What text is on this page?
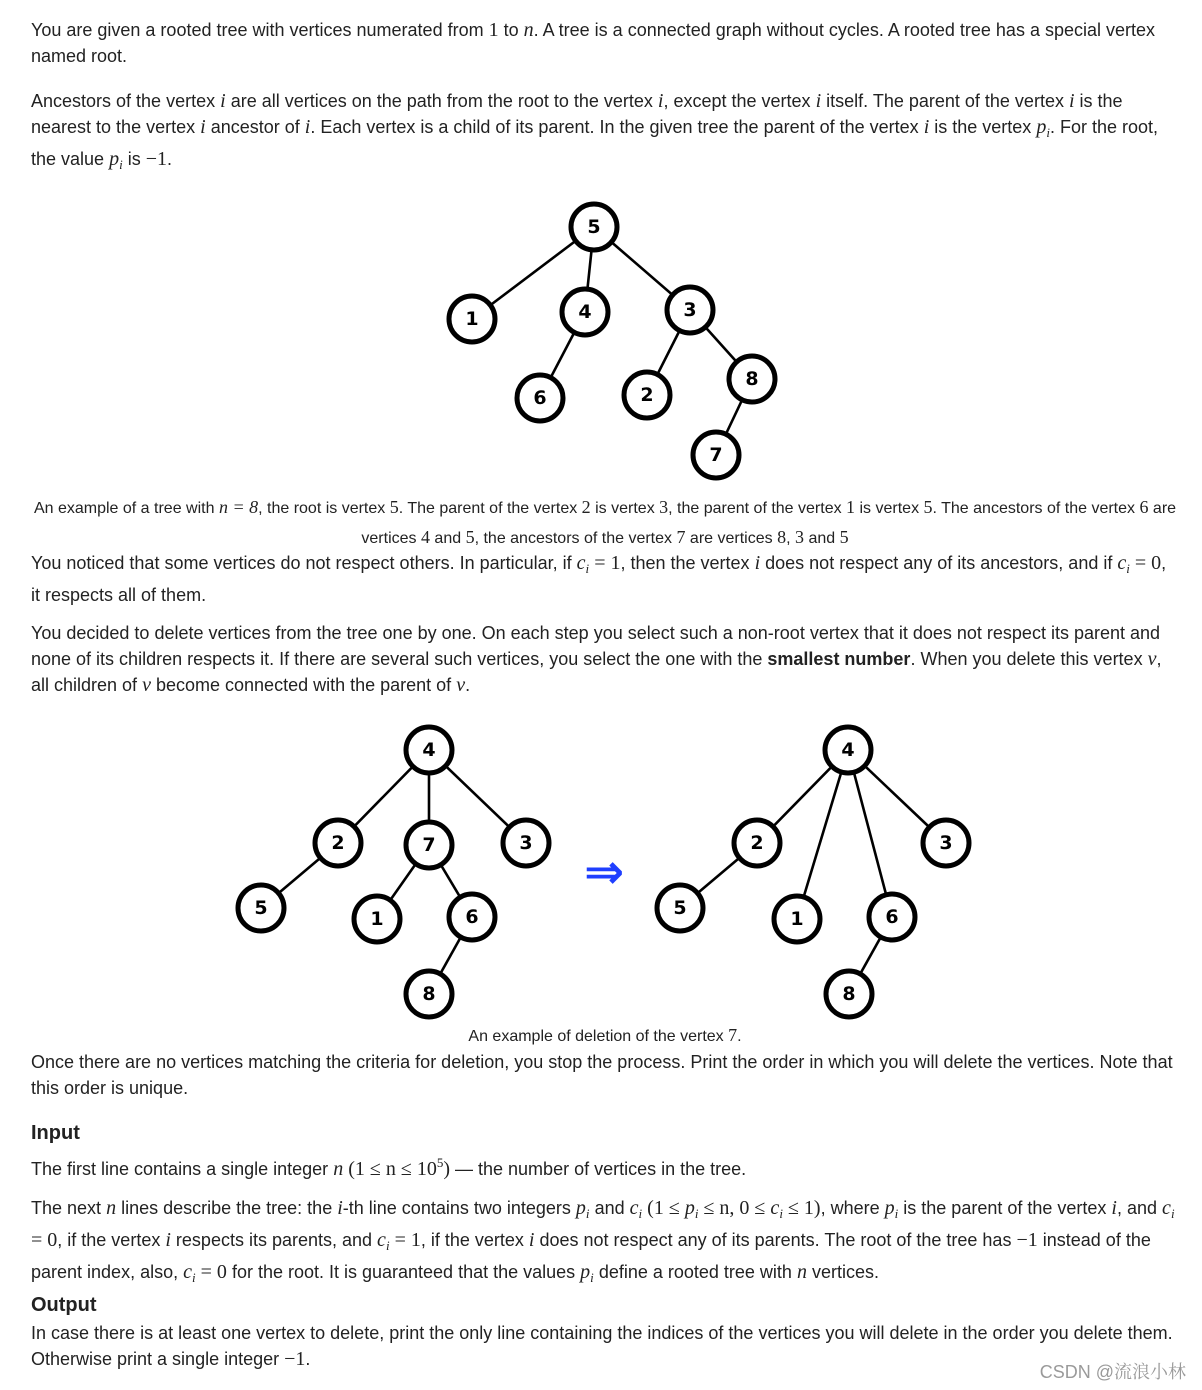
You are given a rooted tree with vertices numerated from 1 to n. A tree is a connected graph without cycles. A rooted tree has a special vertex named root.

Ancestors of the vertex i are all vertices on the path from the root to the vertex i, except the vertex i itself. The parent of the vertex i is the nearest to the vertex i ancestor of i. Each vertex is a child of its parent. In the given tree the parent of the vertex i is the vertex $p_i$. For the root, the value $p_i$ is −1.

5
1	4	3
6	2
8
7
An example of a tree with n = 8, the root is vertex 5. The parent of the vertex 2 is vertex 3, the parent of the vertex 1 is vertex 5. The ancestors of the vertex 6 are vertices 4 and 5, the ancestors of the vertex 7 are vertices 8, 3 and 5

You noticed that some vertices do not respect others. In particular, if $c_i = 1$, then the vertex i does not respect any of its ancestors, and if $c_i = 0$, it respects all of them.

You decided to delete vertices from the tree one by one. On each step you select such a non-root vertex that it does not respect its parent and none of its children respects it. If there are several such vertices, you select the one with the smallest number. When you delete this vertex v, all children of v become connected with the parent of v.

4
2	7	3
5	1	6
8
⇒
4
2
1	6
3
5
8
An example of deletion of the vertex 7.

Once there are no vertices matching the criteria for deletion, you stop the process. Print the order in which you will delete the vertices. Note that this order is unique.

Input

The first line contains a single integer n $(1 \le n \le 10^5)$ — the number of vertices in the tree.

The next n lines describe the tree: the i-th line contains two integers $p_i$ and $c_i$ ($1 \le p_i \le n$, $0 \le c_i \le 1$), where $p_i$ is the parent of the vertex i, and $c_i = 0$, if the vertex i respects its parents, and $c_i = 1$, if the vertex i does not respect any of its parents. The root of the tree has −1 instead of the parent index, also, $c_i = 0$ for the root. It is guaranteed that the values $p_i$ define a rooted tree with n vertices.

Output

In case there is at least one vertex to delete, print the only line containing the indices of the vertices you will delete in the order you delete them. Otherwise print a single integer −1.

CSDN @流浪小林
